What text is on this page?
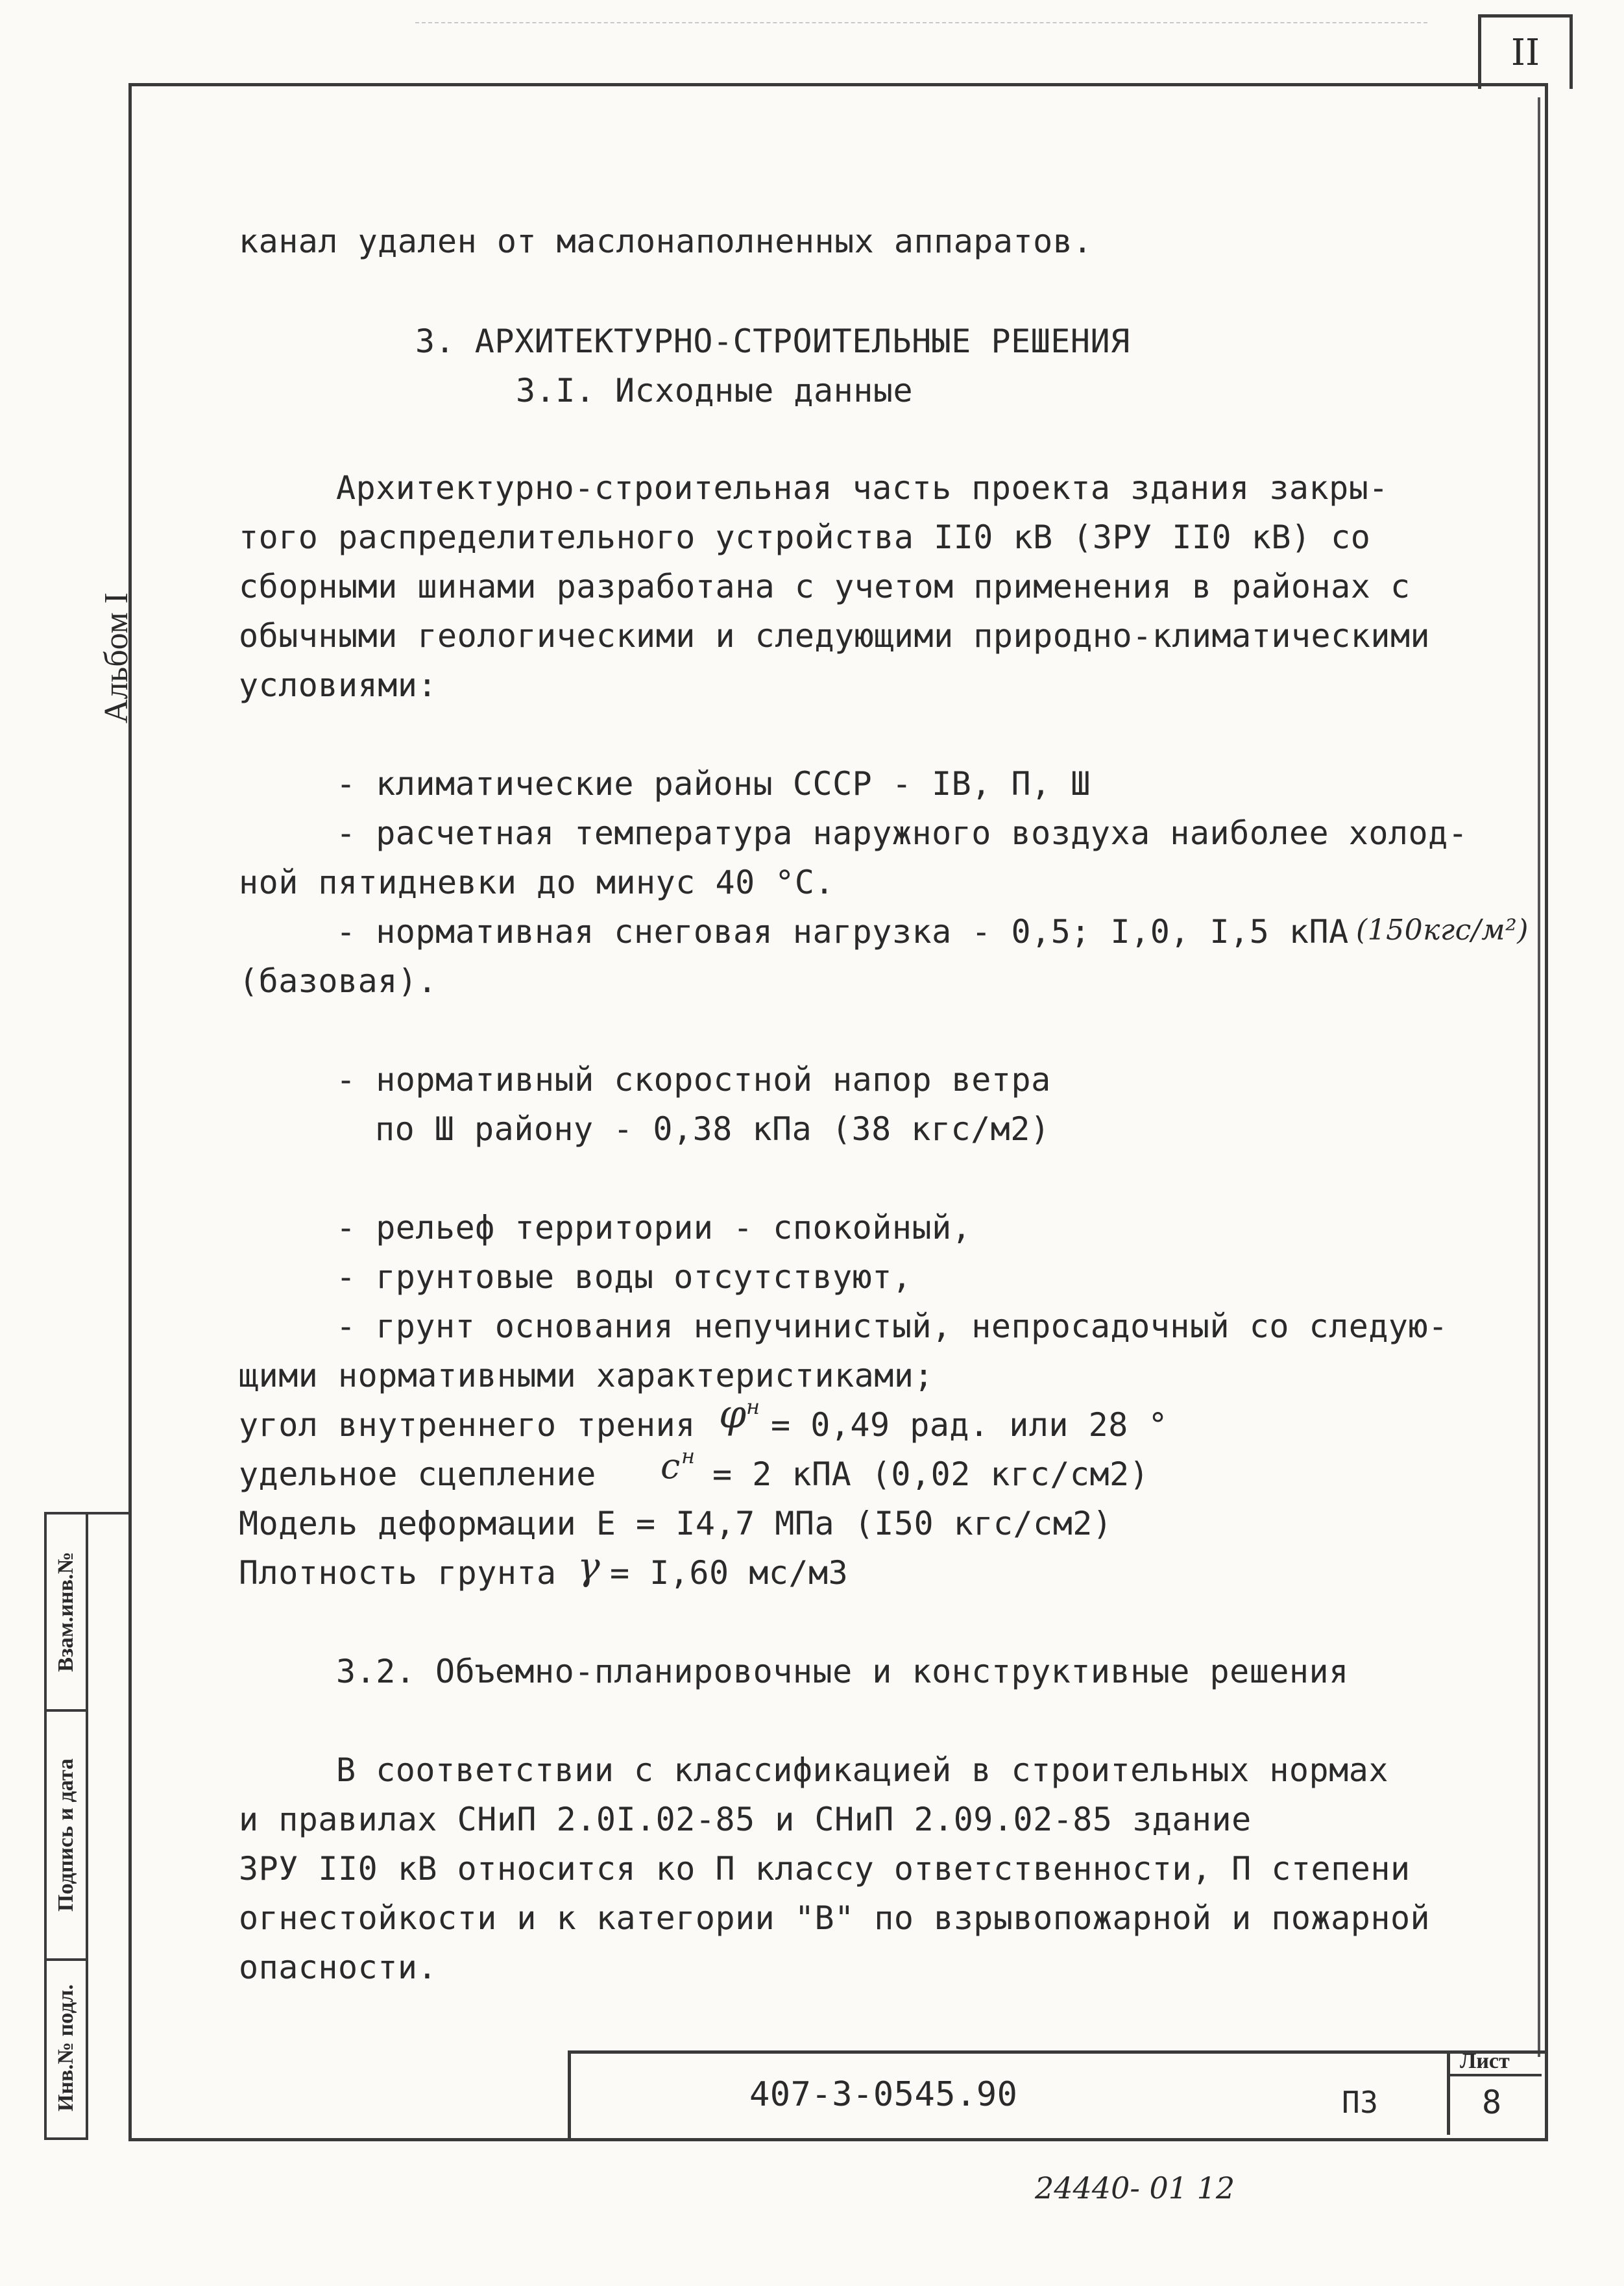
II
Альбом I
Взам.инв.№
Подпись и дата
Инв.№ подл.
канал удален от маслонаполненных аппаратов.
3. АРХИТЕКТУРНО-СТРОИТЕЛЬНЫЕ РЕШЕНИЯ
3.I. Исходные данные
Архитектурно-строительная часть проекта здания закры-
того распределительного устройства II0 кВ (ЗРУ II0 кВ) со
сборными шинами разработана с учетом применения в районах с
обычными геологическими и следующими природно-климатическими
условиями:
- климатические районы СССР - IВ, П, Ш
- расчетная температура наружного воздуха наиболее холод-
ной пятидневки до минус 40 °С.
- нормативная снеговая нагрузка - 0,5; I,0, I,5 кПА (150кгс/м²)
(базовая).
- нормативный скоростной напор ветра
по Ш району - 0,38 кПа (38 кгс/м2)
- рельеф территории - спокойный,
- грунтовые воды отсутствуют,
- грунт основания непучинистый, непросадочный со следую-
щими нормативными характеристиками;
угол внутреннего трения φ н = 0,49 рад. или 28 °
удельное сцепление c н = 2 кПА (0,02 кгс/см2)
Модель деформации Е = I4,7 МПа (I50 кгс/см2)
Плотность грунта γ = I,60 мс/м3
3.2. Объемно-планировочные и конструктивные решения
В соответствии с классификацией в строительных нормах
и правилах СНиП 2.0I.02-85 и СНиП 2.09.02-85 здание
ЗРУ II0 кВ относится ко П классу ответственности, П степени
огнестойкости и к категории "В" по взрывопожарной и пожарной
опасности.
407-3-0545.90	ПЗ
Лист
8
24440- 01 12
